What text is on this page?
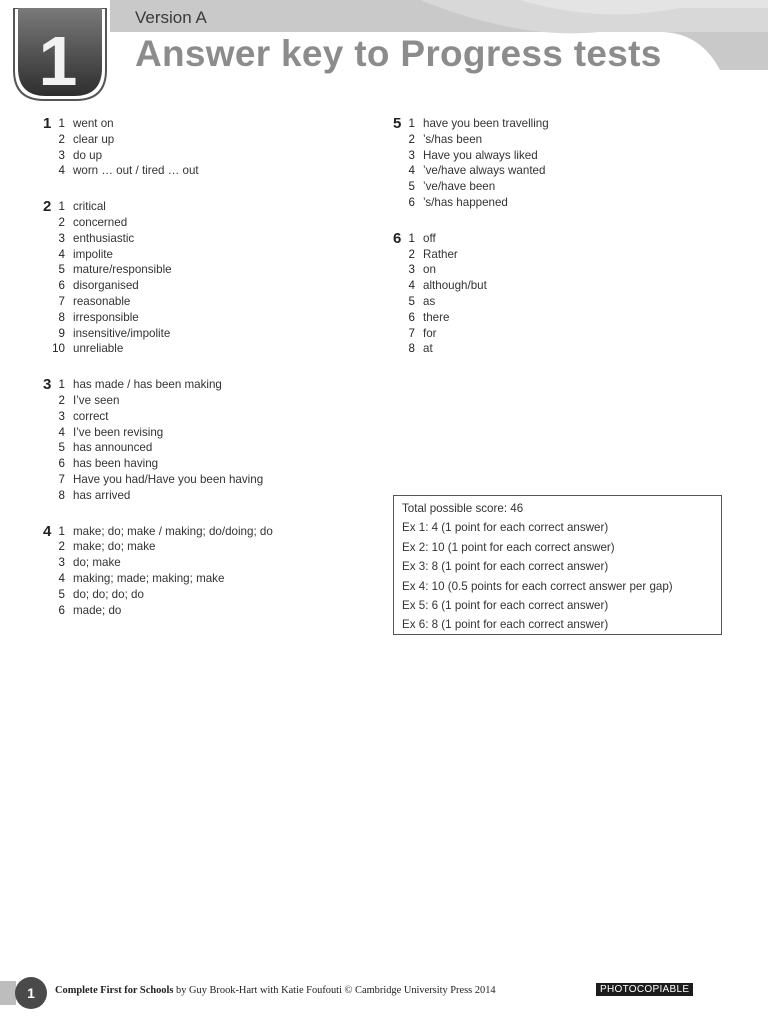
1
Version A
Answer key to Progress tests
1 1 went on
2 clear up
3 do up
4 worn … out / tired … out
2 1 critical
2 concerned
3 enthusiastic
4 impolite
5 mature/responsible
6 disorganised
7 reasonable
8 irresponsible
9 insensitive/impolite
10 unreliable
3 1 has made / has been making
2 I’ve seen
3 correct
4 I’ve been revising
5 has announced
6 has been having
7 Have you had/Have you been having
8 has arrived
4 1 make; do; make / making; do/doing; do
2 make; do; make
3 do; make
4 making; made; making; make
5 do; do; do; do
6 made; do
5 1 have you been travelling
2 ’s/has been
3 Have you always liked
4 ’ve/have always wanted
5 ’ve/have been
6 ’s/has happened
6 1 off
2 Rather
3 on
4 although/but
5 as
6 there
7 for
8 at
Total possible score: 46
Ex 1: 4 (1 point for each correct answer)
Ex 2: 10 (1 point for each correct answer)
Ex 3: 8 (1 point for each correct answer)
Ex 4: 10 (0.5 points for each correct answer per gap)
Ex 5: 6 (1 point for each correct answer)
Ex 6: 8 (1 point for each correct answer)
1 Complete First for Schools by Guy Brook-Hart with Katie Foufouti © Cambridge University Press 2014	PHOTOCOPIABLE
